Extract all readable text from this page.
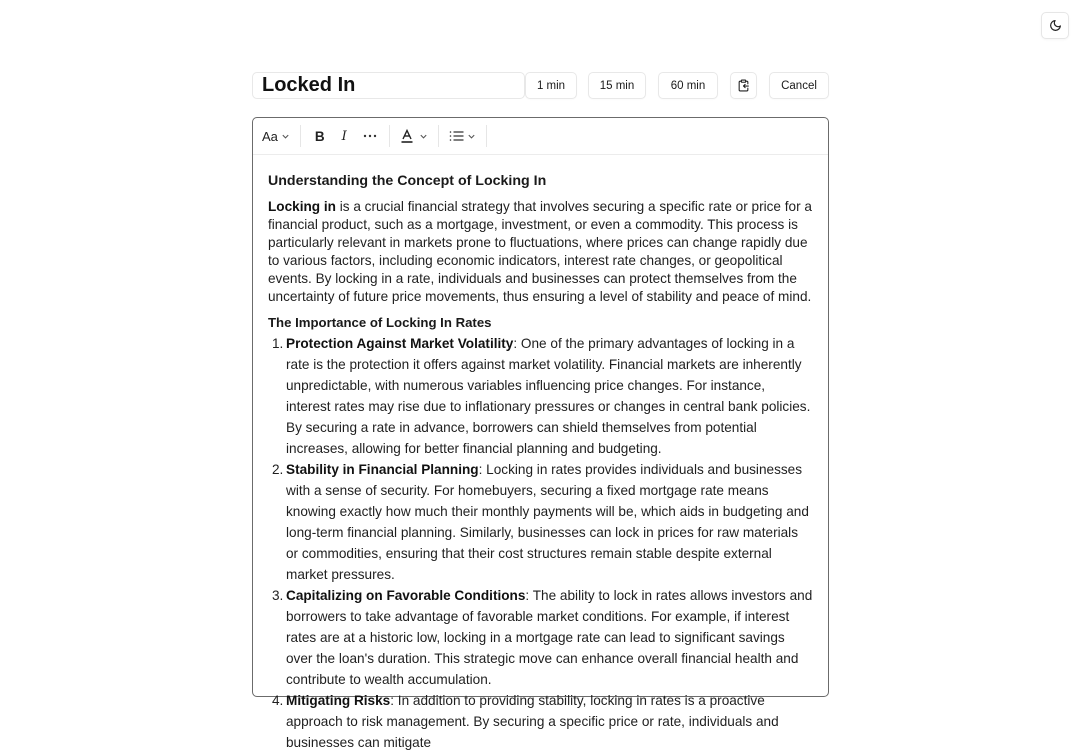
Locked In
1 min	15 min	60 min	Cancel
Aa	B I
Understanding the Concept of Locking In

Locking in is a crucial financial strategy that involves securing a specific rate or price for a financial product, such as a mortgage, investment, or even a commodity. This process is particularly relevant in markets prone to fluctuations, where prices can change rapidly due to various factors, including economic indicators, interest rate changes, or geopolitical events. By locking in a rate, individuals and businesses can protect themselves from the uncertainty of future price movements, thus ensuring a level of stability and peace of mind.

The Importance of Locking In Rates
1. Protection Against Market Volatility: One of the primary advantages of locking in a rate is the protection it offers against market volatility. Financial markets are inherently unpredictable, with numerous variables influencing price changes. For instance, interest rates may rise due to inflationary pressures or changes in central bank policies. By securing a rate in advance, borrowers can shield themselves from potential increases, allowing for better financial planning and budgeting.
2. Stability in Financial Planning: Locking in rates provides individuals and businesses with a sense of security. For homebuyers, securing a fixed mortgage rate means knowing exactly how much their monthly payments will be, which aids in budgeting and long-term financial planning. Similarly, businesses can lock in prices for raw materials or commodities, ensuring that their cost structures remain stable despite external market pressures.
3. Capitalizing on Favorable Conditions: The ability to lock in rates allows investors and borrowers to take advantage of favorable market conditions. For example, if interest rates are at a historic low, locking in a mortgage rate can lead to significant savings over the loan's duration. This strategic move can enhance overall financial health and contribute to wealth accumulation.
4. Mitigating Risks: In addition to providing stability, locking in rates is a proactive approach to risk management. By securing a specific price or rate, individuals and businesses can mitigate
